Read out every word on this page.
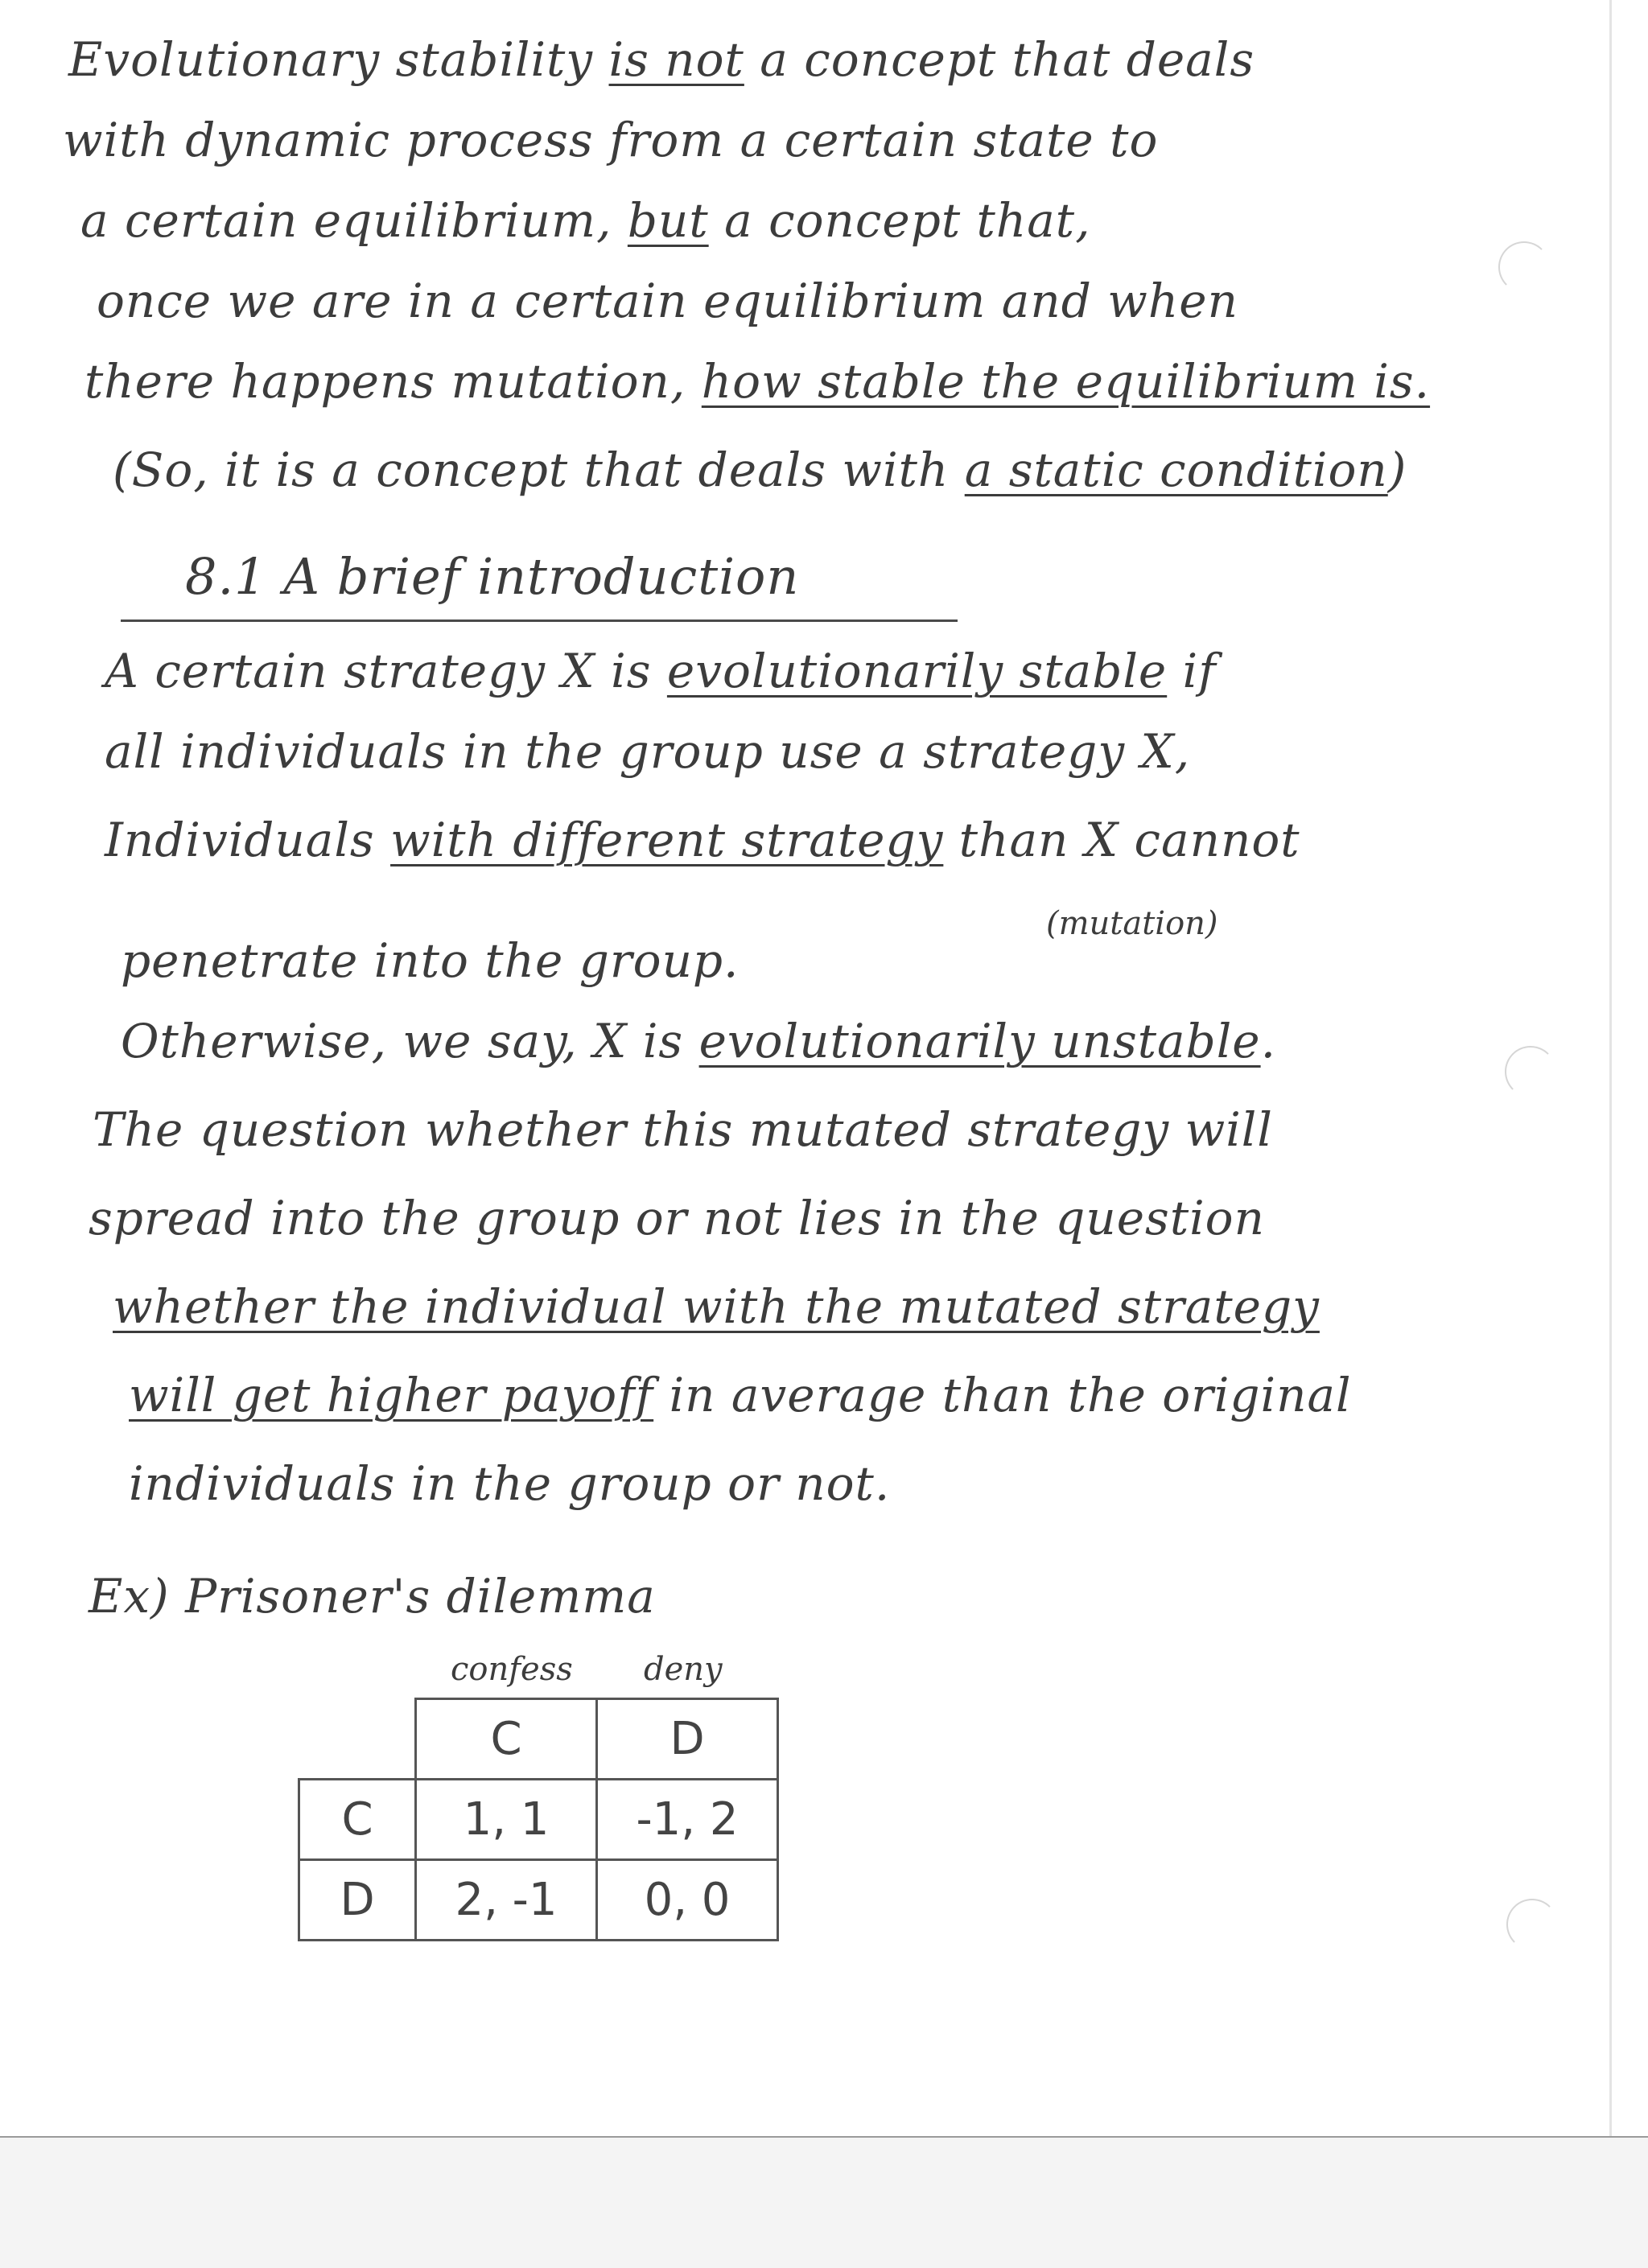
Evolutionary stability is not a concept that deals
with dynamic process from a certain state to
a certain equilibrium, but a concept that,
once we are in a certain equilibrium and when
there happens mutation, how stable the equilibrium is.
(So, it is a concept that deals with a static condition)
8.1 A brief introduction
A certain strategy X is evolutionarily stable if
all individuals in the group use a strategy X,
Individuals with different strategy than X cannot
(mutation)
penetrate into the group.
Otherwise, we say, X is evolutionarily unstable.
The question whether this mutated strategy will
spread into the group or not lies in the question
whether the individual with the mutated strategy
will get higher payoff in average than the original
individuals in the group or not.
Ex) Prisoner's dilemma
confess deny
	C	D
C	1, 1	-1, 2
D	2, -1	0, 0
